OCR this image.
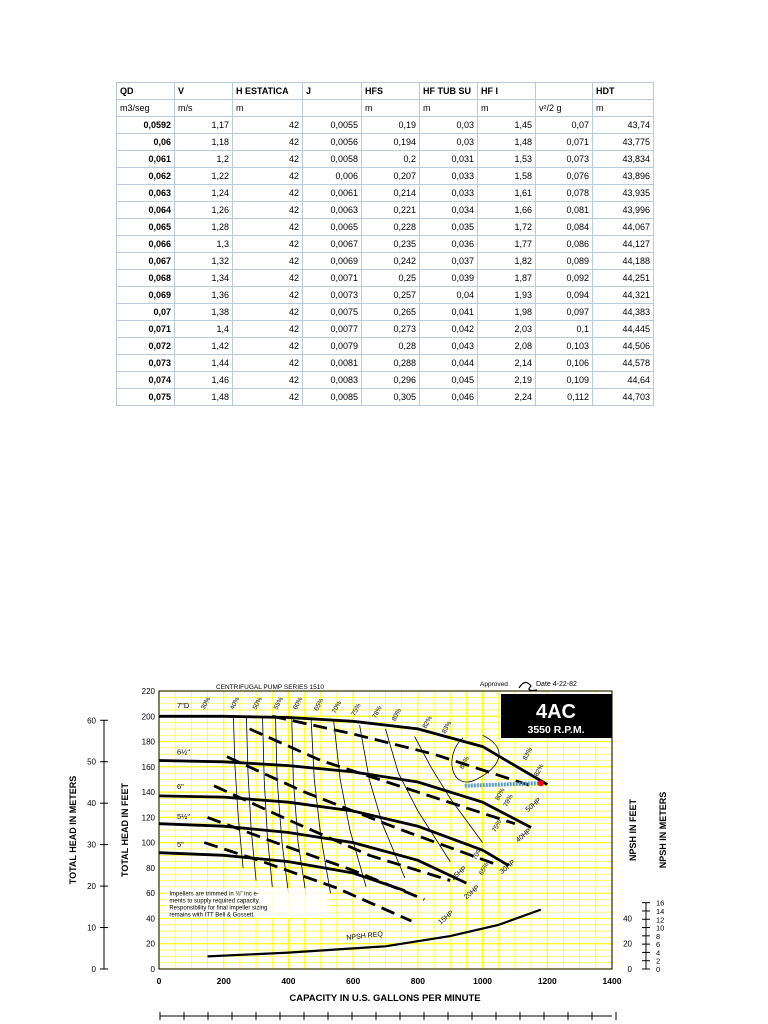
QD	V	H ESTATICA	J	HFS	HF TUB SU	HF I		HDT
m3/seg	m/s	m		m	m	m	v²/2 g	m
0,0592	1,17	42	0,0055	0,19	0,03	1,45	0,07	43,74
0,06	1,18	42	0,0056	0,194	0,03	1,48	0,071	43,775
0,061	1,2	42	0,0058	0,2	0,031	1,53	0,073	43,834
0,062	1,22	42	0,006	0,207	0,033	1,58	0,076	43,896
0,063	1,24	42	0,0061	0,214	0,033	1,61	0,078	43,935
0,064	1,26	42	0,0063	0,221	0,034	1,66	0,081	43,996
0,065	1,28	42	0,0065	0,228	0,035	1,72	0,084	44,067
0,066	1,3	42	0,0067	0,235	0,036	1,77	0,086	44,127
0,067	1,32	42	0,0069	0,242	0,037	1,82	0,089	44,188
0,068	1,34	42	0,0071	0,25	0,039	1,87	0,092	44,251
0,069	1,36	42	0,0073	0,257	0,04	1,93	0,094	44,321
0,07	1,38	42	0,0075	0,265	0,041	1,98	0,097	44,383
0,071	1,4	42	0,0077	0,273	0,042	2,03	0,1	44,445
0,072	1,42	42	0,0079	0,28	0,043	2,08	0,103	44,506
0,073	1,44	42	0,0081	0,288	0,044	2,14	0,106	44,578
0,074	1,46	42	0,0083	0,296	0,045	2,19	0,109	44,64
0,075	1,48	42	0,0085	0,305	0,046	2,24	0,112	44,703
0
20
40
60
80
100
120
140
160
180
200
220
0	200	400	600	800	1000	1200	1400
0
10
20
30
40
50
60
TOTAL HEAD IN METERS	TOTAL HEAD IN FEET
0
20
40
0
2
4
6
8
10
12
14
16
NPSH IN FEET NPSH IN METERS
CAPACITY IN U.S. GALLONS PER MINUTE
CENTRIFUGAL PUMP SERIES 1510	Approved	Date 4-22-82
4AC
3550 R.P.M.
7"D
6½"
6"
5½"
5"
30%	40% 50% 55% 60% 65% 70% 75% 78% 80%
82% 83%
84%
83%
82%
80%
78%
75%
70%
65%
50HP
40HP
30HP
25HP
20HP
15HP
NPSH REQ
Impellers are trimmed in ⅛" inc e-
ments to supply required capacity.
Responsibility for final impeller sizing
remains with ITT Bell & Gossett.
